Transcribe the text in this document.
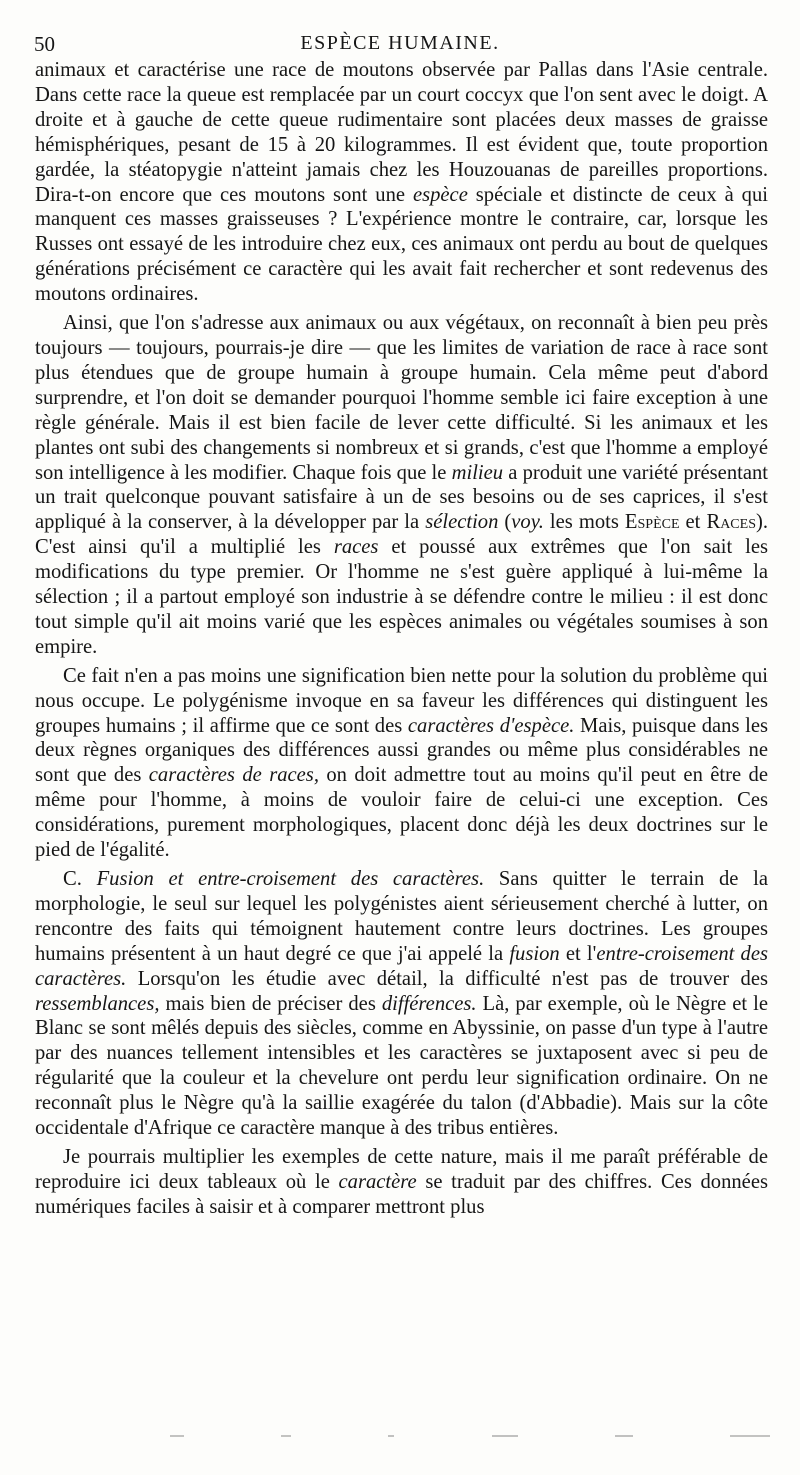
50	ESPÈCE HUMAINE.

animaux et caractérise une race de moutons observée par Pallas dans l'Asie centrale. Dans cette race la queue est remplacée par un court coccyx que l'on sent avec le doigt. A droite et à gauche de cette queue rudimentaire sont placées deux masses de graisse hémisphériques, pesant de 15 à 20 kilogrammes. Il est évident que, toute proportion gardée, la stéatopygie n'atteint jamais chez les Houzouanas de pareilles proportions. Dira-t-on encore que ces moutons sont une espèce spéciale et distincte de ceux à qui manquent ces masses graisseuses ? L'expérience montre le contraire, car, lorsque les Russes ont essayé de les introduire chez eux, ces animaux ont perdu au bout de quelques générations précisément ce caractère qui les avait fait rechercher et sont redevenus des moutons ordinaires.

Ainsi, que l'on s'adresse aux animaux ou aux végétaux, on reconnaît à bien peu près toujours — toujours, pourrais-je dire — que les limites de variation de race à race sont plus étendues que de groupe humain à groupe humain. Cela même peut d'abord surprendre, et l'on doit se demander pourquoi l'homme semble ici faire exception à une règle générale. Mais il est bien facile de lever cette difficulté. Si les animaux et les plantes ont subi des changements si nombreux et si grands, c'est que l'homme a employé son intelligence à les modifier. Chaque fois que le milieu a produit une variété présentant un trait quelconque pouvant satisfaire à un de ses besoins ou de ses caprices, il s'est appliqué à la conserver, à la développer par la sélection (voy. les mots Espèce et Races). C'est ainsi qu'il a multiplié les races et poussé aux extrêmes que l'on sait les modifications du type premier. Or l'homme ne s'est guère appliqué à lui-même la sélection ; il a partout employé son industrie à se défendre contre le milieu : il est donc tout simple qu'il ait moins varié que les espèces animales ou végétales soumises à son empire.

Ce fait n'en a pas moins une signification bien nette pour la solution du problème qui nous occupe. Le polygénisme invoque en sa faveur les différences qui distinguent les groupes humains ; il affirme que ce sont des caractères d'espèce. Mais, puisque dans les deux règnes organiques des différences aussi grandes ou même plus considérables ne sont que des caractères de races, on doit admettre tout au moins qu'il peut en être de même pour l'homme, à moins de vouloir faire de celui-ci une exception. Ces considérations, purement morphologiques, placent donc déjà les deux doctrines sur le pied de l'égalité.

C. Fusion et entre-croisement des caractères. Sans quitter le terrain de la morphologie, le seul sur lequel les polygénistes aient sérieusement cherché à lutter, on rencontre des faits qui témoignent hautement contre leurs doctrines. Les groupes humains présentent à un haut degré ce que j'ai appelé la fusion et l'entre-croisement des caractères. Lorsqu'on les étudie avec détail, la difficulté n'est pas de trouver des ressemblances, mais bien de préciser des différences. Là, par exemple, où le Nègre et le Blanc se sont mêlés depuis des siècles, comme en Abyssinie, on passe d'un type à l'autre par des nuances tellement intensibles et les caractères se juxtaposent avec si peu de régularité que la couleur et la chevelure ont perdu leur signification ordinaire. On ne reconnaît plus le Nègre qu'à la saillie exagérée du talon (d'Abbadie). Mais sur la côte occidentale d'Afrique ce caractère manque à des tribus entières.

Je pourrais multiplier les exemples de cette nature, mais il me paraît préférable de reproduire ici deux tableaux où le caractère se traduit par des chiffres. Ces données numériques faciles à saisir et à comparer mettront plus
